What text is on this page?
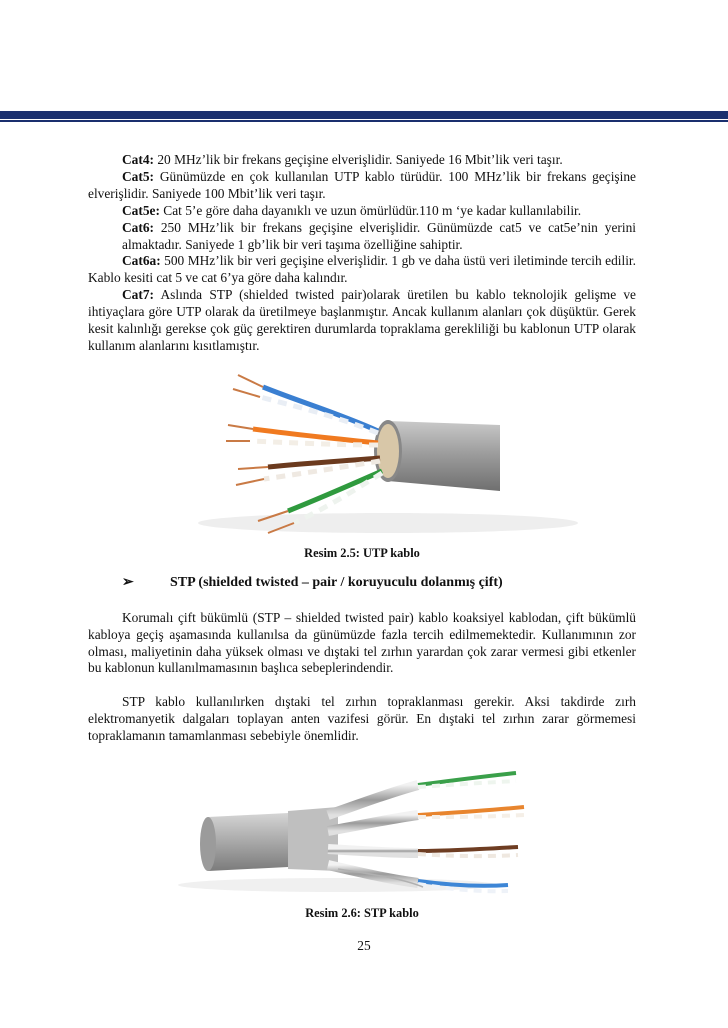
Cat4: 20 MHz’lik bir frekans geçişine elverişlidir. Saniyede 16 Mbit’lik veri taşır.

Cat5: Günümüzde en çok kullanılan UTP kablo türüdür. 100 MHz’lik bir frekans geçişine elverişlidir. Saniyede 100 Mbit’lik veri taşır.

Cat5e: Cat 5’e göre daha dayanıklı ve uzun ömürlüdür.110 m ‘ye kadar kullanılabilir.

Cat6: 250 MHz’lik bir frekans geçişine elverişlidir. Günümüzde cat5 ve cat5e’nin yerini almaktadır. Saniyede 1 gb’lik bir veri taşıma özelliğine sahiptir.

Cat6a: 500 MHz’lik bir veri geçişine elverişlidir. 1 gb ve daha üstü veri iletiminde tercih edilir. Kablo kesiti cat 5 ve cat 6’ya göre daha kalındır.

Cat7: Aslında STP (shielded twisted pair)olarak üretilen bu kablo teknolojik gelişme ve ihtiyaçlara göre UTP olarak da üretilmeye başlanmıştır. Ancak kullanım alanları çok düşüktür. Gerek kesit kalınlığı gerekse çok güç gerektiren durumlarda topraklama gerekliliği bu kablonun UTP olarak kullanım alanlarını kısıtlamıştır.

Resim 2.5: UTP kablo
➢	STP (shielded twisted – pair / koruyuculu dolanmış çift)

Korumalı çift bükümlü (STP – shielded twisted pair) kablo koaksiyel kablodan, çift bükümlü kabloya geçiş aşamasında kullanılsa da günümüzde fazla tercih edilmemektedir. Kullanımının zor olması, maliyetinin daha yüksek olması ve dıştaki tel zırhın yarardan çok zarar vermesi gibi etkenler bu kablonun kullanılmamasının başlıca sebeplerindendir.

STP kablo kullanılırken dıştaki tel zırhın topraklanması gerekir. Aksi takdirde zırh elektromanyetik dalgaları toplayan anten vazifesi görür. En dıştaki tel zırhın zarar görmemesi topraklamanın tamamlanması sebebiyle önemlidir.

Resim 2.6: STP kablo
25
